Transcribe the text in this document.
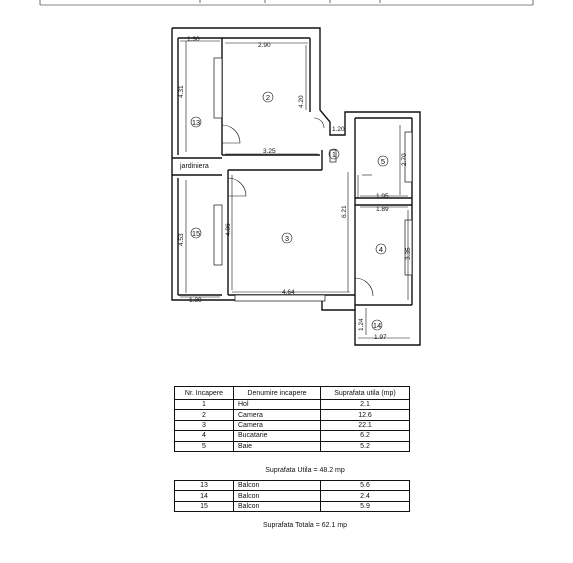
1.30
2.90
4.31
4.20
1.20
3.25
2.70
1.95
6.21	1.89
4.53
4.86
3.35
1.30
4.64
1.24
1.97
jardiniera
2
13
1
5
3
15
4
14
Nr. Incapere	Denumire incapere	Suprafata utila (mp)
1	Hol	2.1
2	Camera	12.6
3	Camera	22.1
4	Bucatarie	6.2
5	Baie	5.2
Suprafata Utila = 48.2 mp
13	Balcon	5.6
14	Balcon	2.4
15	Balcon	5.9
Suprafata Totala = 62.1 mp
